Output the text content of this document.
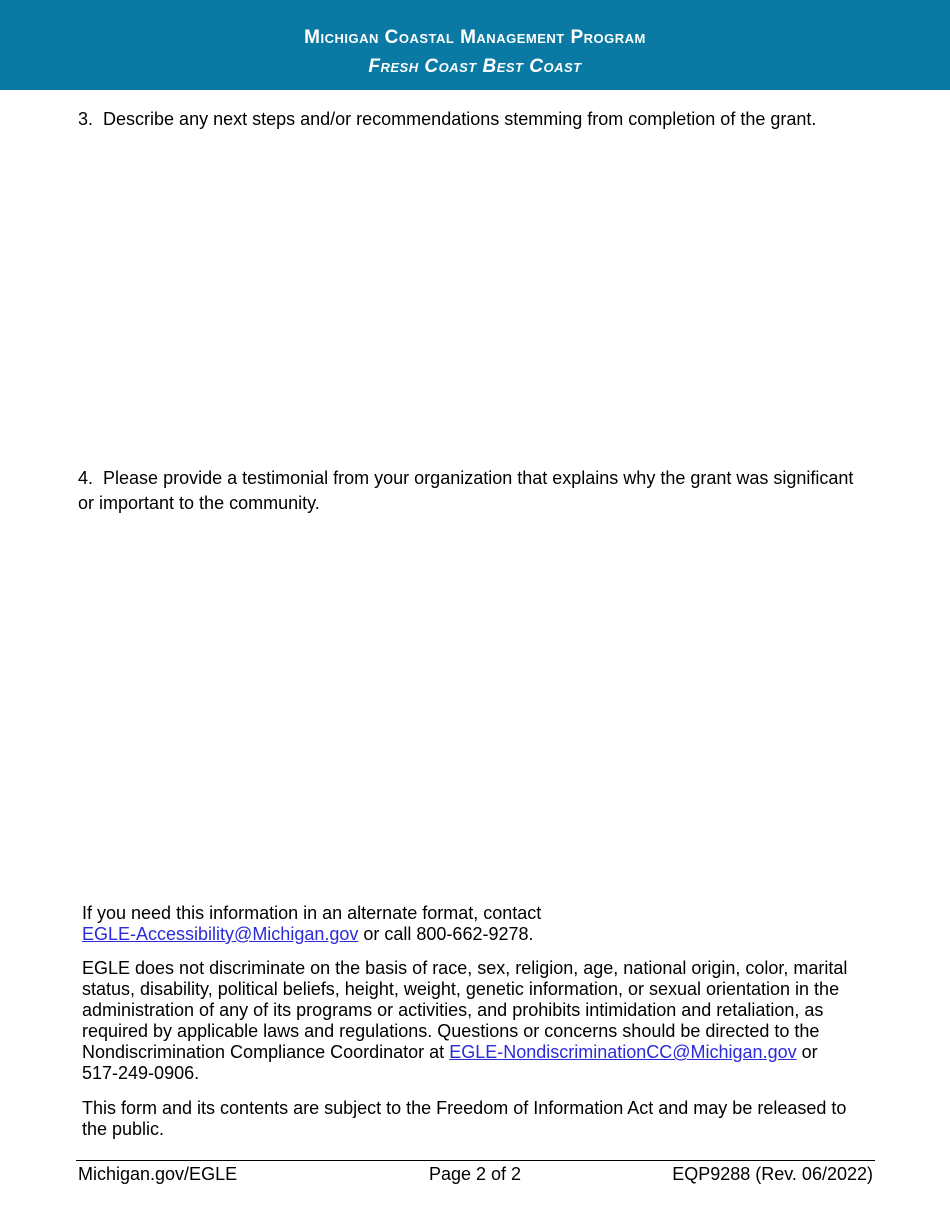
Michigan Coastal Management Program
Fresh Coast Best Coast
3. Describe any next steps and/or recommendations stemming from completion of the grant.
4. Please provide a testimonial from your organization that explains why the grant was significant or important to the community.
If you need this information in an alternate format, contact
EGLE-Accessibility@Michigan.gov or call 800-662-9278.
EGLE does not discriminate on the basis of race, sex, religion, age, national origin, color, marital status, disability, political beliefs, height, weight, genetic information, or sexual orientation in the administration of any of its programs or activities, and prohibits intimidation and retaliation, as required by applicable laws and regulations. Questions or concerns should be directed to the Nondiscrimination Compliance Coordinator at EGLE-NondiscriminationCC@Michigan.gov or 517-249-0906.
This form and its contents are subject to the Freedom of Information Act and may be released to the public.
Michigan.gov/EGLE	Page 2 of 2	EQP9288 (Rev. 06/2022)
